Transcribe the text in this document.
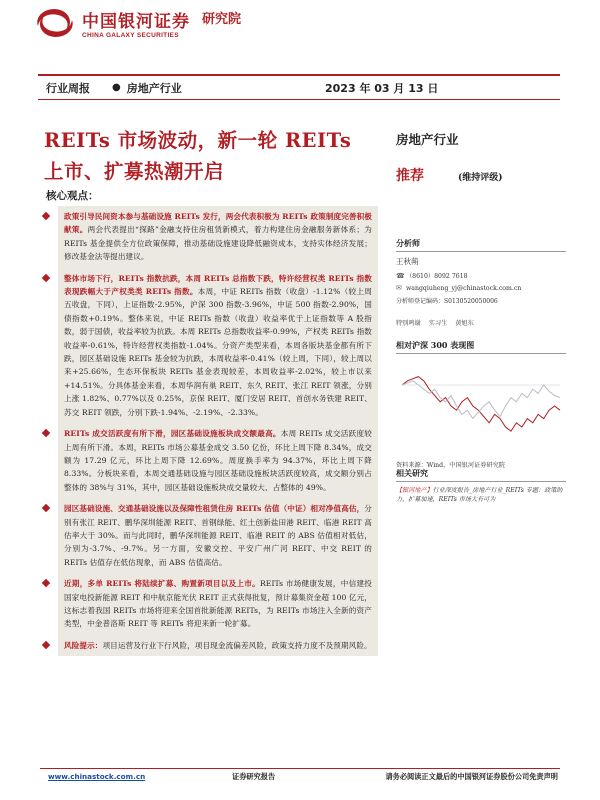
中国银河证券
CHINA GALAXY SECURITIES
研究院
行业周报 ● 房地产行业	2023 年 03 月 13 日
REITs 市场波动，新一轮 REITs 上市、扩募热潮开启
核心观点：
政策引导民间资本参与基础设施 REITs 发行，两会代表积极为 REITs 政策制度完善积极献策。两会代表提出“探路”金融支持住房租赁新模式，着力构建住房金融服务新体系；为 REITs 基金提供全方位政策保障，推动基础设施建设降低融资成本，支持实体经济发展；修改基金法等提出建议。
整体市场下行，REITs 指数抗跌，本周 REITs 总指数下跌，特许经营权类 REITs 指数表现跌幅大于产权类类 REITs 指数。本周，中证 REITs 指数（收盘）-1.12%（较上周五收盘，下同），上证指数-2.95%，沪深 300 指数-3.96%，中证 500 指数-2.90%，国债指数+0.19%。整体来说，中证 REITs 指数（收盘）收益率优于上证指数等 A 股指数，弱于国债，收益率较为抗跌。本周 REITs 总指数收益率-0.99%，产权类 REITs 指数收益率-0.61%，特许经营权类指数-1.04%。分资产类型来看，本周各版块基金都有所下跌，园区基础设施 REITs 基金较为抗跌，本周收益率-0.41%（较上周，下同），较上周以来+25.66%，生态环保板块 REITs 基金表现较差，本周收益率-2.02%，较上市以来+14.51%。分具体基金来看，本周华润有巢 REIT、东久 REIT、张江 REIT 领涨，分别上涨 1.82%、0.77%以及 0.25%，京保 REIT、厦门安居 REIT、首创水务铁建 REIT、苏交 REIT 领跌，分别下跌-1.94%、-2.19%、-2.33%。
REITs 成交活跃度有所下滑，园区基础设施板块成交额最高。本周 REITs 成交活跃度较上周有所下滑。本周，REITs 市场公募基金成交 3.50 亿份，环比上周下降 8.34%，成交额为 17.29 亿元，环比上周下降 12.69%。周度换手率为 94.37%，环比上周下降 8.33%。分板块来看，本周交通基础设施与园区基础设施板块活跃度较高，成交额分别占整体的 38%与 31%，其中，园区基础设施板块成交量较大、占整体的 49%。
园区基础设施、交通基础设施以及保障性租赁住房 REITs 估值（中证）相对净值高估，分别有张江 REIT、鹏华深圳能源 REIT、首钢绿能、红土创新盐田港 REIT、临港 REIT 高估率大于 30%。而与此同时，鹏华深圳能源 REIT、临港 REIT 的 ABS 估值相对低估，分别为-3.7%、-9.7%。另一方面，安徽交控、平安广州广河 REIT、中交 REIT 的 REITs 估值存在低估现象，而 ABS 估值高估。
近期，多单 REITs 将陆续扩募、购置新项目以及上市。REITs 市场健康发展，中信建投国家电投新能源 REIT 和中航京能光伏 REIT 正式获得批复，预计募集资金超 100 亿元，这标志着我国 REITs 市场将迎来全国首批新能源 REITs，为 REITs 市场注入全新的资产类型，中金普洛斯 REIT 等 REITs 将迎来新一轮扩募。
风险提示：项目运营及行业下行风险，项目现金流偏差风险，政策支持力度不及预期风险。
房地产行业
推荐	(维持评级)
分析师
王秋蒴
☎ （8610）8092 7618
✉ wangqiuheng_yj@chinastock.com.cn
分析师登记编码：S0130520050006
特别鸣谢 实习生 黄旭东
相对沪深 300 表现图
资料来源：Wind，中国银河证券研究院
相关研究
【银河地产】行业深度报告_房地产行业_REITs 专题：政策助力，扩募加速，REITs 市场大有可为
www.chinastock.com.cn	证券研究报告	请务必阅读正文最后的中国银河证券股份公司免责声明
